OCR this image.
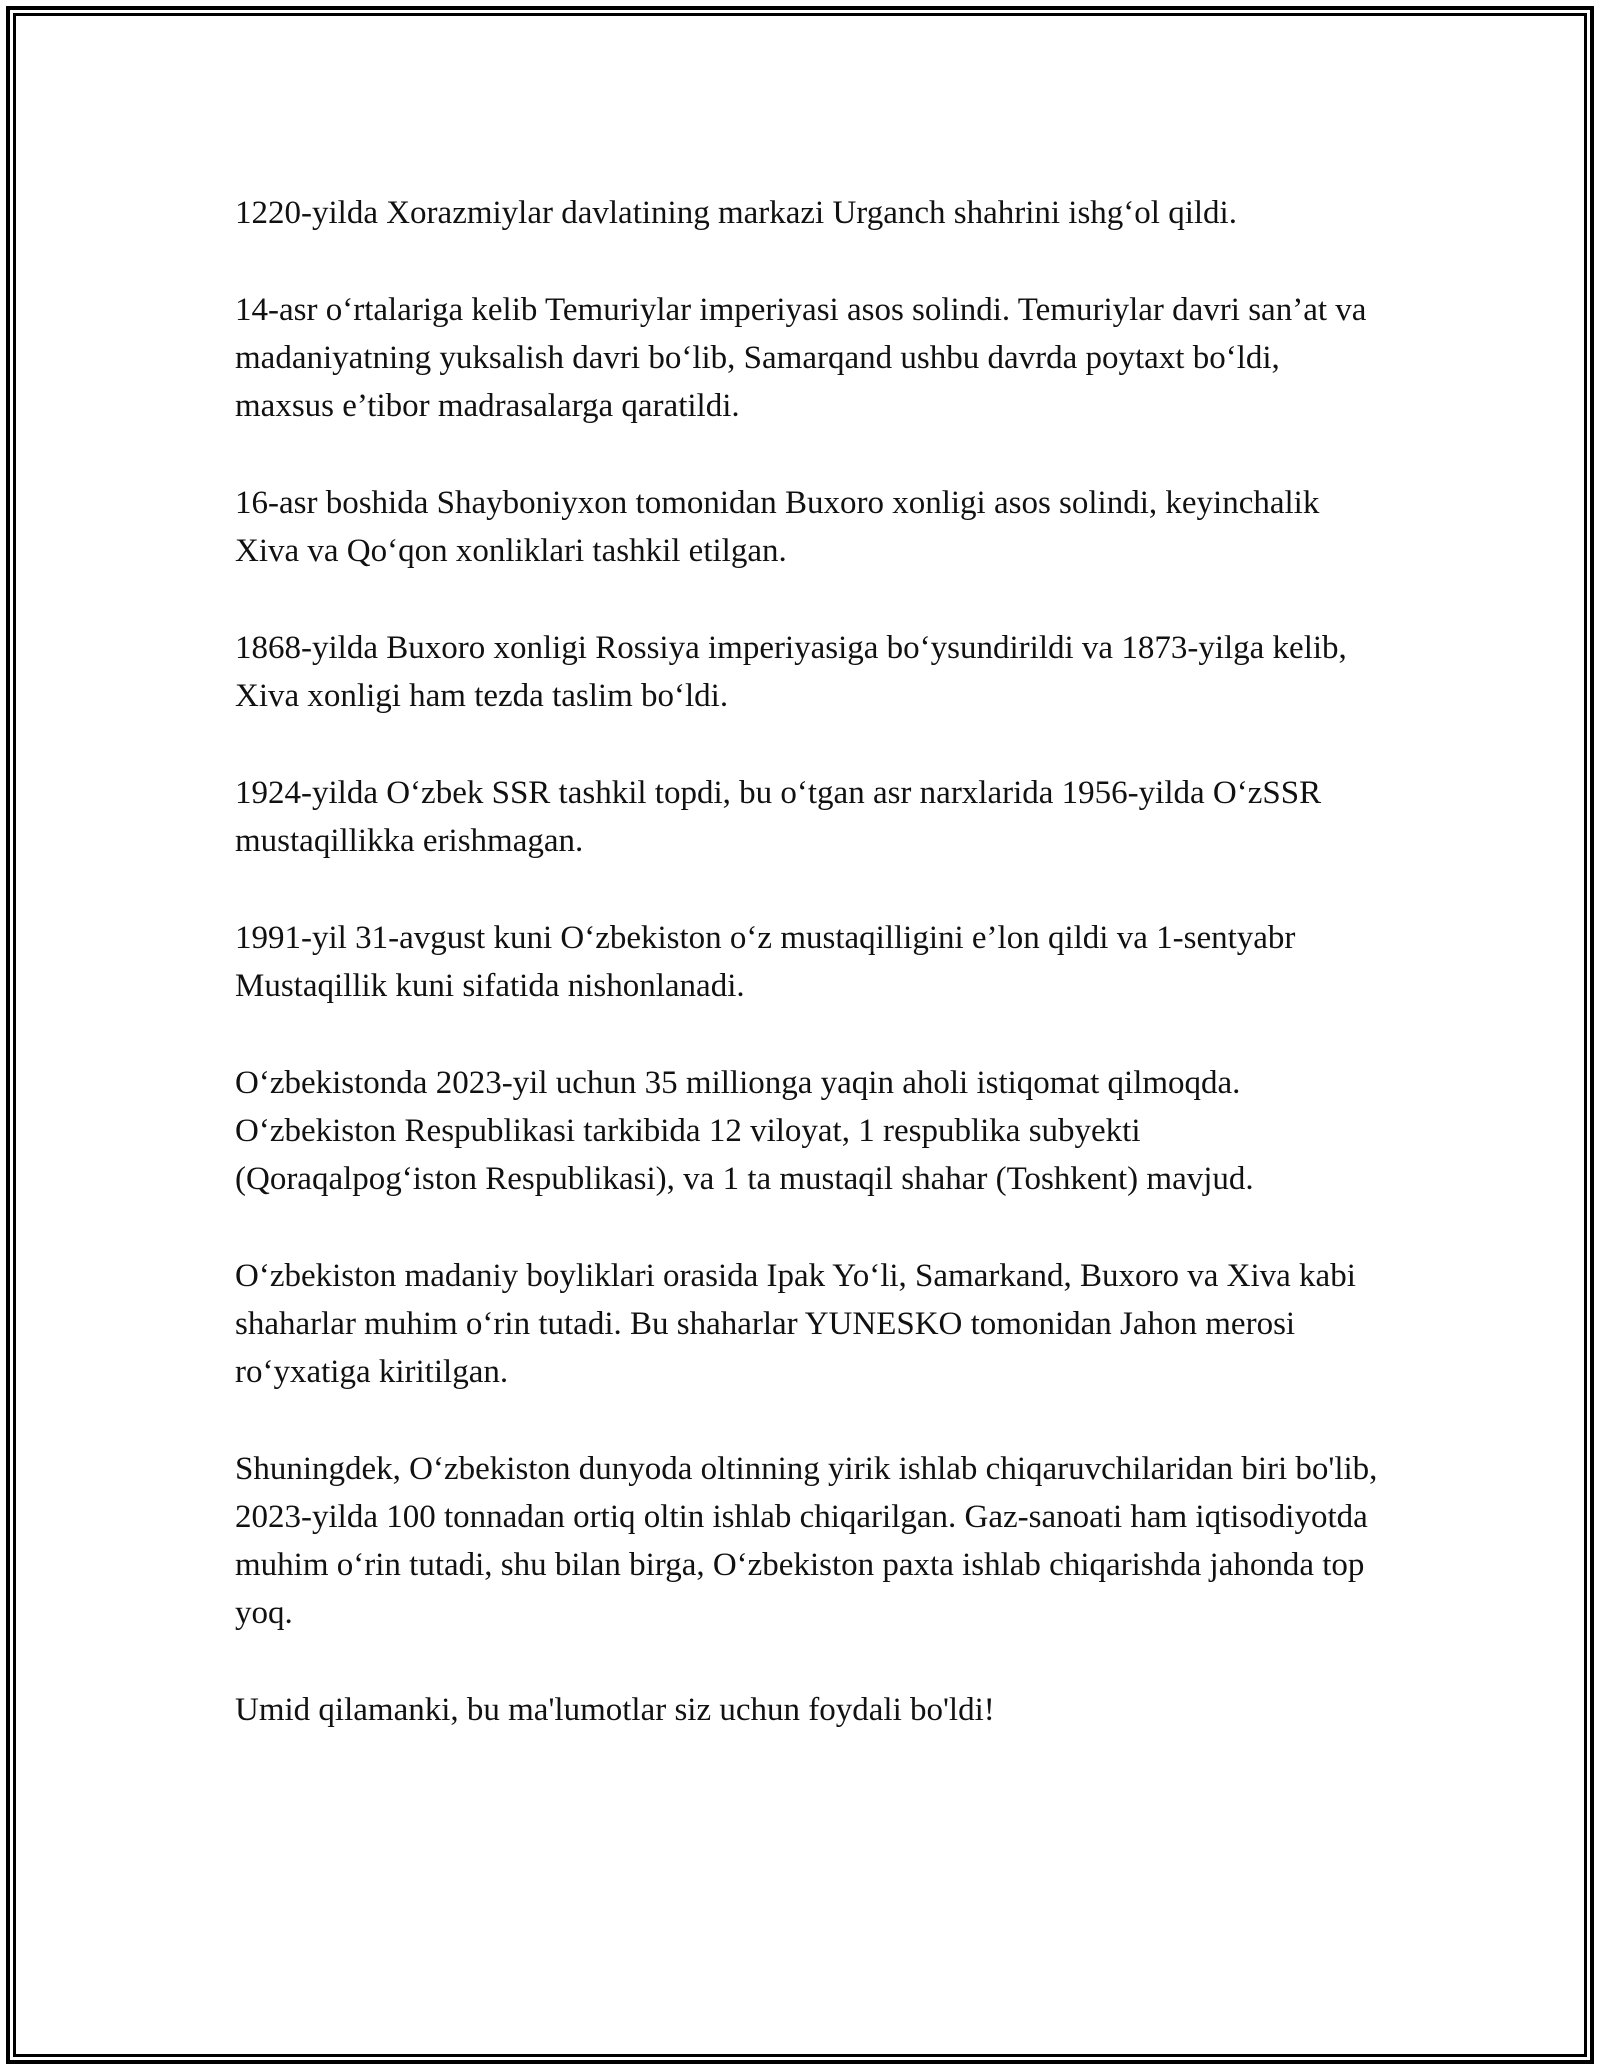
1220-yilda Xorazmiylar davlatining markazi Urganch shahrini ishg‘ol qildi.

14-asr o‘rtalariga kelib Temuriylar imperiyasi asos solindi. Temuriylar davri san’at va madaniyatning yuksalish davri bo‘lib, Samarqand ushbu davrda poytaxt bo‘ldi, maxsus e’tibor madrasalarga qaratildi.

16-asr boshida Shayboniyxon tomonidan Buxoro xonligi asos solindi, keyinchalik Xiva va Qo‘qon xonliklari tashkil etilgan.

1868-yilda Buxoro xonligi Rossiya imperiyasiga bo‘ysundirildi va 1873-yilga kelib, Xiva xonligi ham tezda taslim bo‘ldi.

1924-yilda O‘zbek SSR tashkil topdi, bu o‘tgan asr narxlarida 1956-yilda O‘zSSR mustaqillikka erishmagan.

1991-yil 31-avgust kuni O‘zbekiston o‘z mustaqilligini e’lon qildi va 1-sentyabr Mustaqillik kuni sifatida nishonlanadi.

O‘zbekistonda 2023-yil uchun 35 millionga yaqin aholi istiqomat qilmoqda. O‘zbekiston Respublikasi tarkibida 12 viloyat, 1 respublika subyekti (Qoraqalpog‘iston Respublikasi), va 1 ta mustaqil shahar (Toshkent) mavjud.

O‘zbekiston madaniy boyliklari orasida Ipak Yo‘li, Samarkand, Buxoro va Xiva kabi shaharlar muhim o‘rin tutadi. Bu shaharlar YUNESKO tomonidan Jahon merosi ro‘yxatiga kiritilgan.

Shuningdek, O‘zbekiston dunyoda oltinning yirik ishlab chiqaruvchilaridan biri bo'lib, 2023-yilda 100 tonnadan ortiq oltin ishlab chiqarilgan. Gaz-sanoati ham iqtisodiyotda muhim o‘rin tutadi, shu bilan birga, O‘zbekiston paxta ishlab chiqarishda jahonda top yoq.

Umid qilamanki, bu ma'lumotlar siz uchun foydali bo'ldi!
